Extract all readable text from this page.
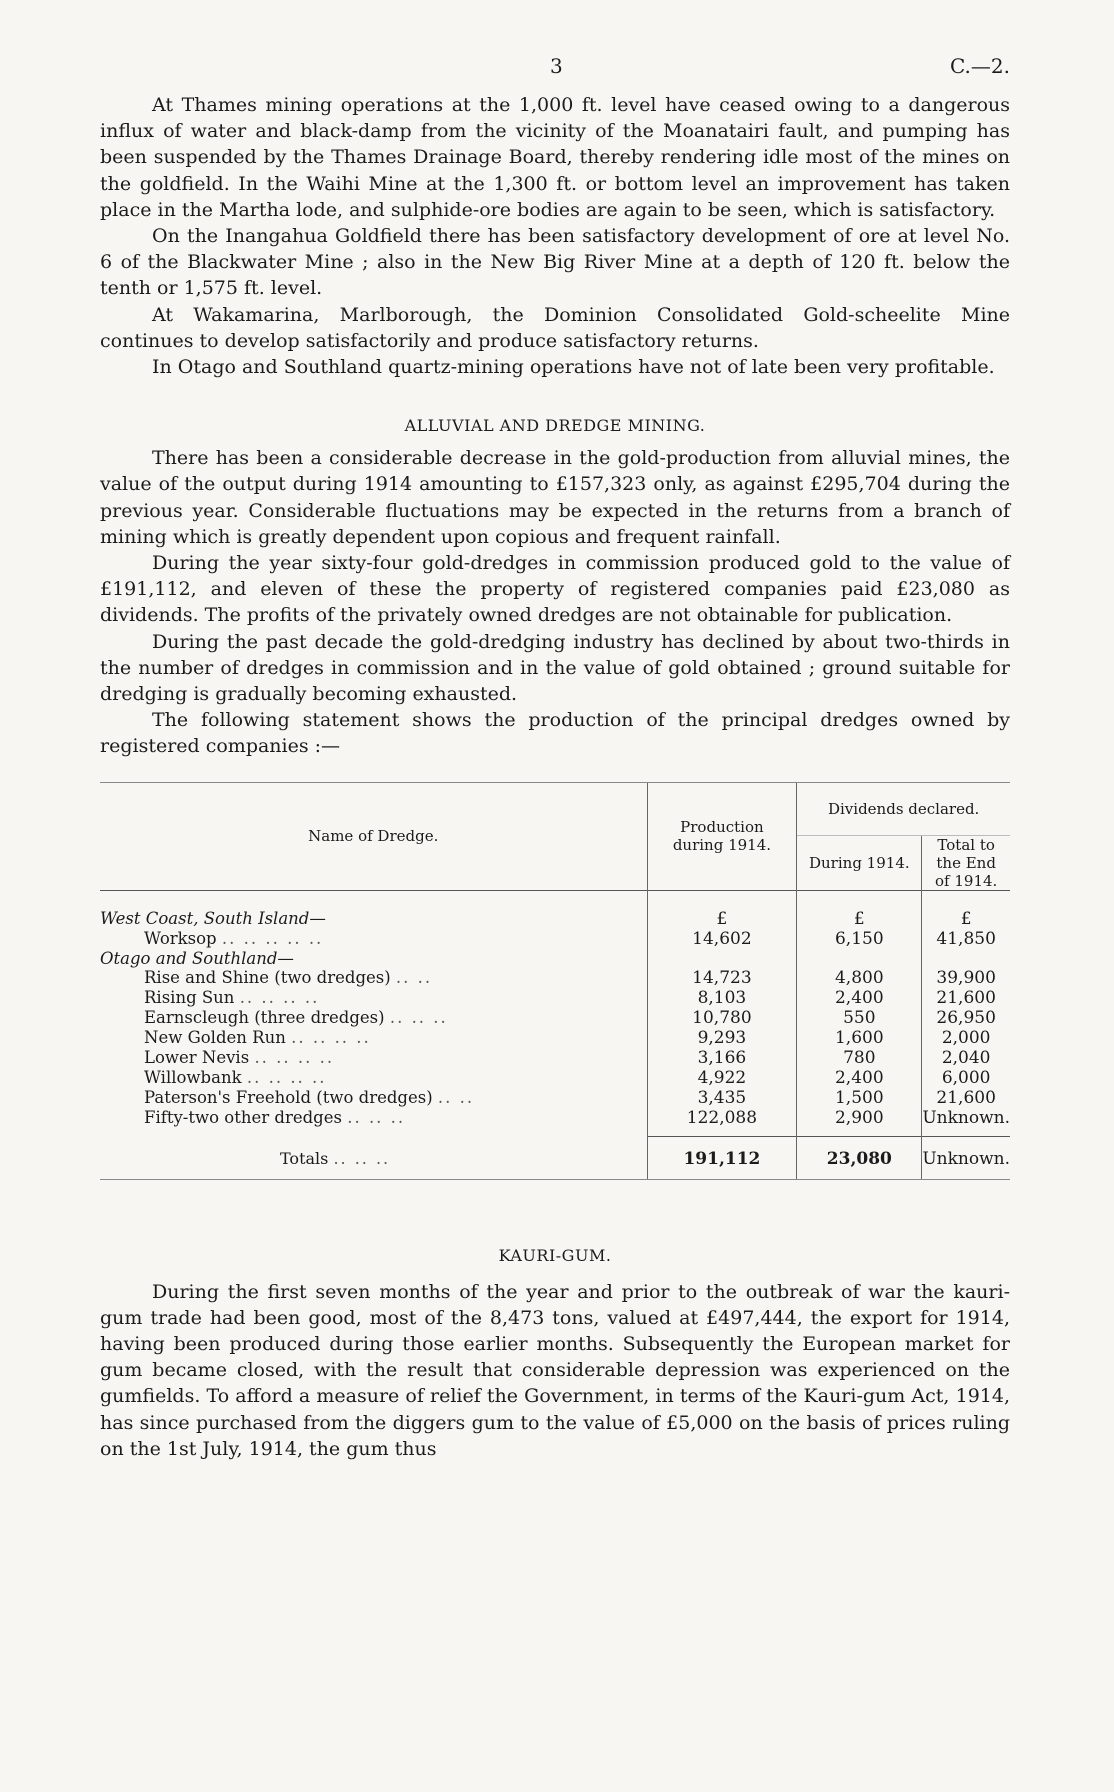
3	C.—2.

At Thames mining operations at the 1,000 ft. level have ceased owing to a dangerous influx of water and black-damp from the vicinity of the Moanatairi fault, and pumping has been suspended by the Thames Drainage Board, thereby rendering idle most of the mines on the goldfield. In the Waihi Mine at the 1,300 ft. or bottom level an improvement has taken place in the Martha lode, and sulphide-ore bodies are again to be seen, which is satisfactory.

On the Inangahua Goldfield there has been satisfactory development of ore at level No. 6 of the Blackwater Mine ; also in the New Big River Mine at a depth of 120 ft. below the tenth or 1,575 ft. level.

At Wakamarina, Marlborough, the Dominion Consolidated Gold-scheelite Mine continues to develop satisfactorily and produce satisfactory returns.

In Otago and Southland quartz-mining operations have not of late been very profitable.

ALLUVIAL AND DREDGE MINING.

There has been a considerable decrease in the gold-production from alluvial mines, the value of the output during 1914 amounting to £157,323 only, as against £295,704 during the previous year. Considerable fluctuations may be expected in the returns from a branch of mining which is greatly dependent upon copious and frequent rainfall.

During the year sixty-four gold-dredges in commission produced gold to the value of £191,112, and eleven of these the property of registered companies paid £23,080 as dividends. The profits of the privately owned dredges are not obtainable for publication.

During the past decade the gold-dredging industry has declined by about two-thirds in the number of dredges in commission and in the value of gold obtained ; ground suitable for dredging is gradually becoming exhausted.

The following statement shows the production of the principal dredges owned by registered companies :—

Name of Dredge.	Production during 1914.	Dividends declared.	
		During 1914.	Total to the End of 1914.
West Coast, South Island—	£	£	£
Worksop .. .. .. .. ..	14,602	6,150	41,850
Otago and Southland—			
Rise and Shine (two dredges) .. ..	14,723	4,800	39,900
Rising Sun .. .. .. ..	8,103	2,400	21,600
Earnscleugh (three dredges) .. .. ..	10,780	550	26,950
New Golden Run .. .. .. ..	9,293	1,600	2,000
Lower Nevis .. .. .. ..	3,166	780	2,040
Willowbank .. .. .. ..	4,922	2,400	6,000
Paterson's Freehold (two dredges) .. ..	3,435	1,500	21,600
Fifty-two other dredges .. .. ..	122,088	2,900	Unknown.
Totals .. .. ..	191,112	23,080	Unknown.
KAURI-GUM.

During the first seven months of the year and prior to the outbreak of war the kauri-gum trade had been good, most of the 8,473 tons, valued at £497,444, the export for 1914, having been produced during those earlier months. Subsequently the European market for gum became closed, with the result that considerable depression was experienced on the gumfields. To afford a measure of relief the Government, in terms of the Kauri-gum Act, 1914, has since purchased from the diggers gum to the value of £5,000 on the basis of prices ruling on the 1st July, 1914, the gum thus
